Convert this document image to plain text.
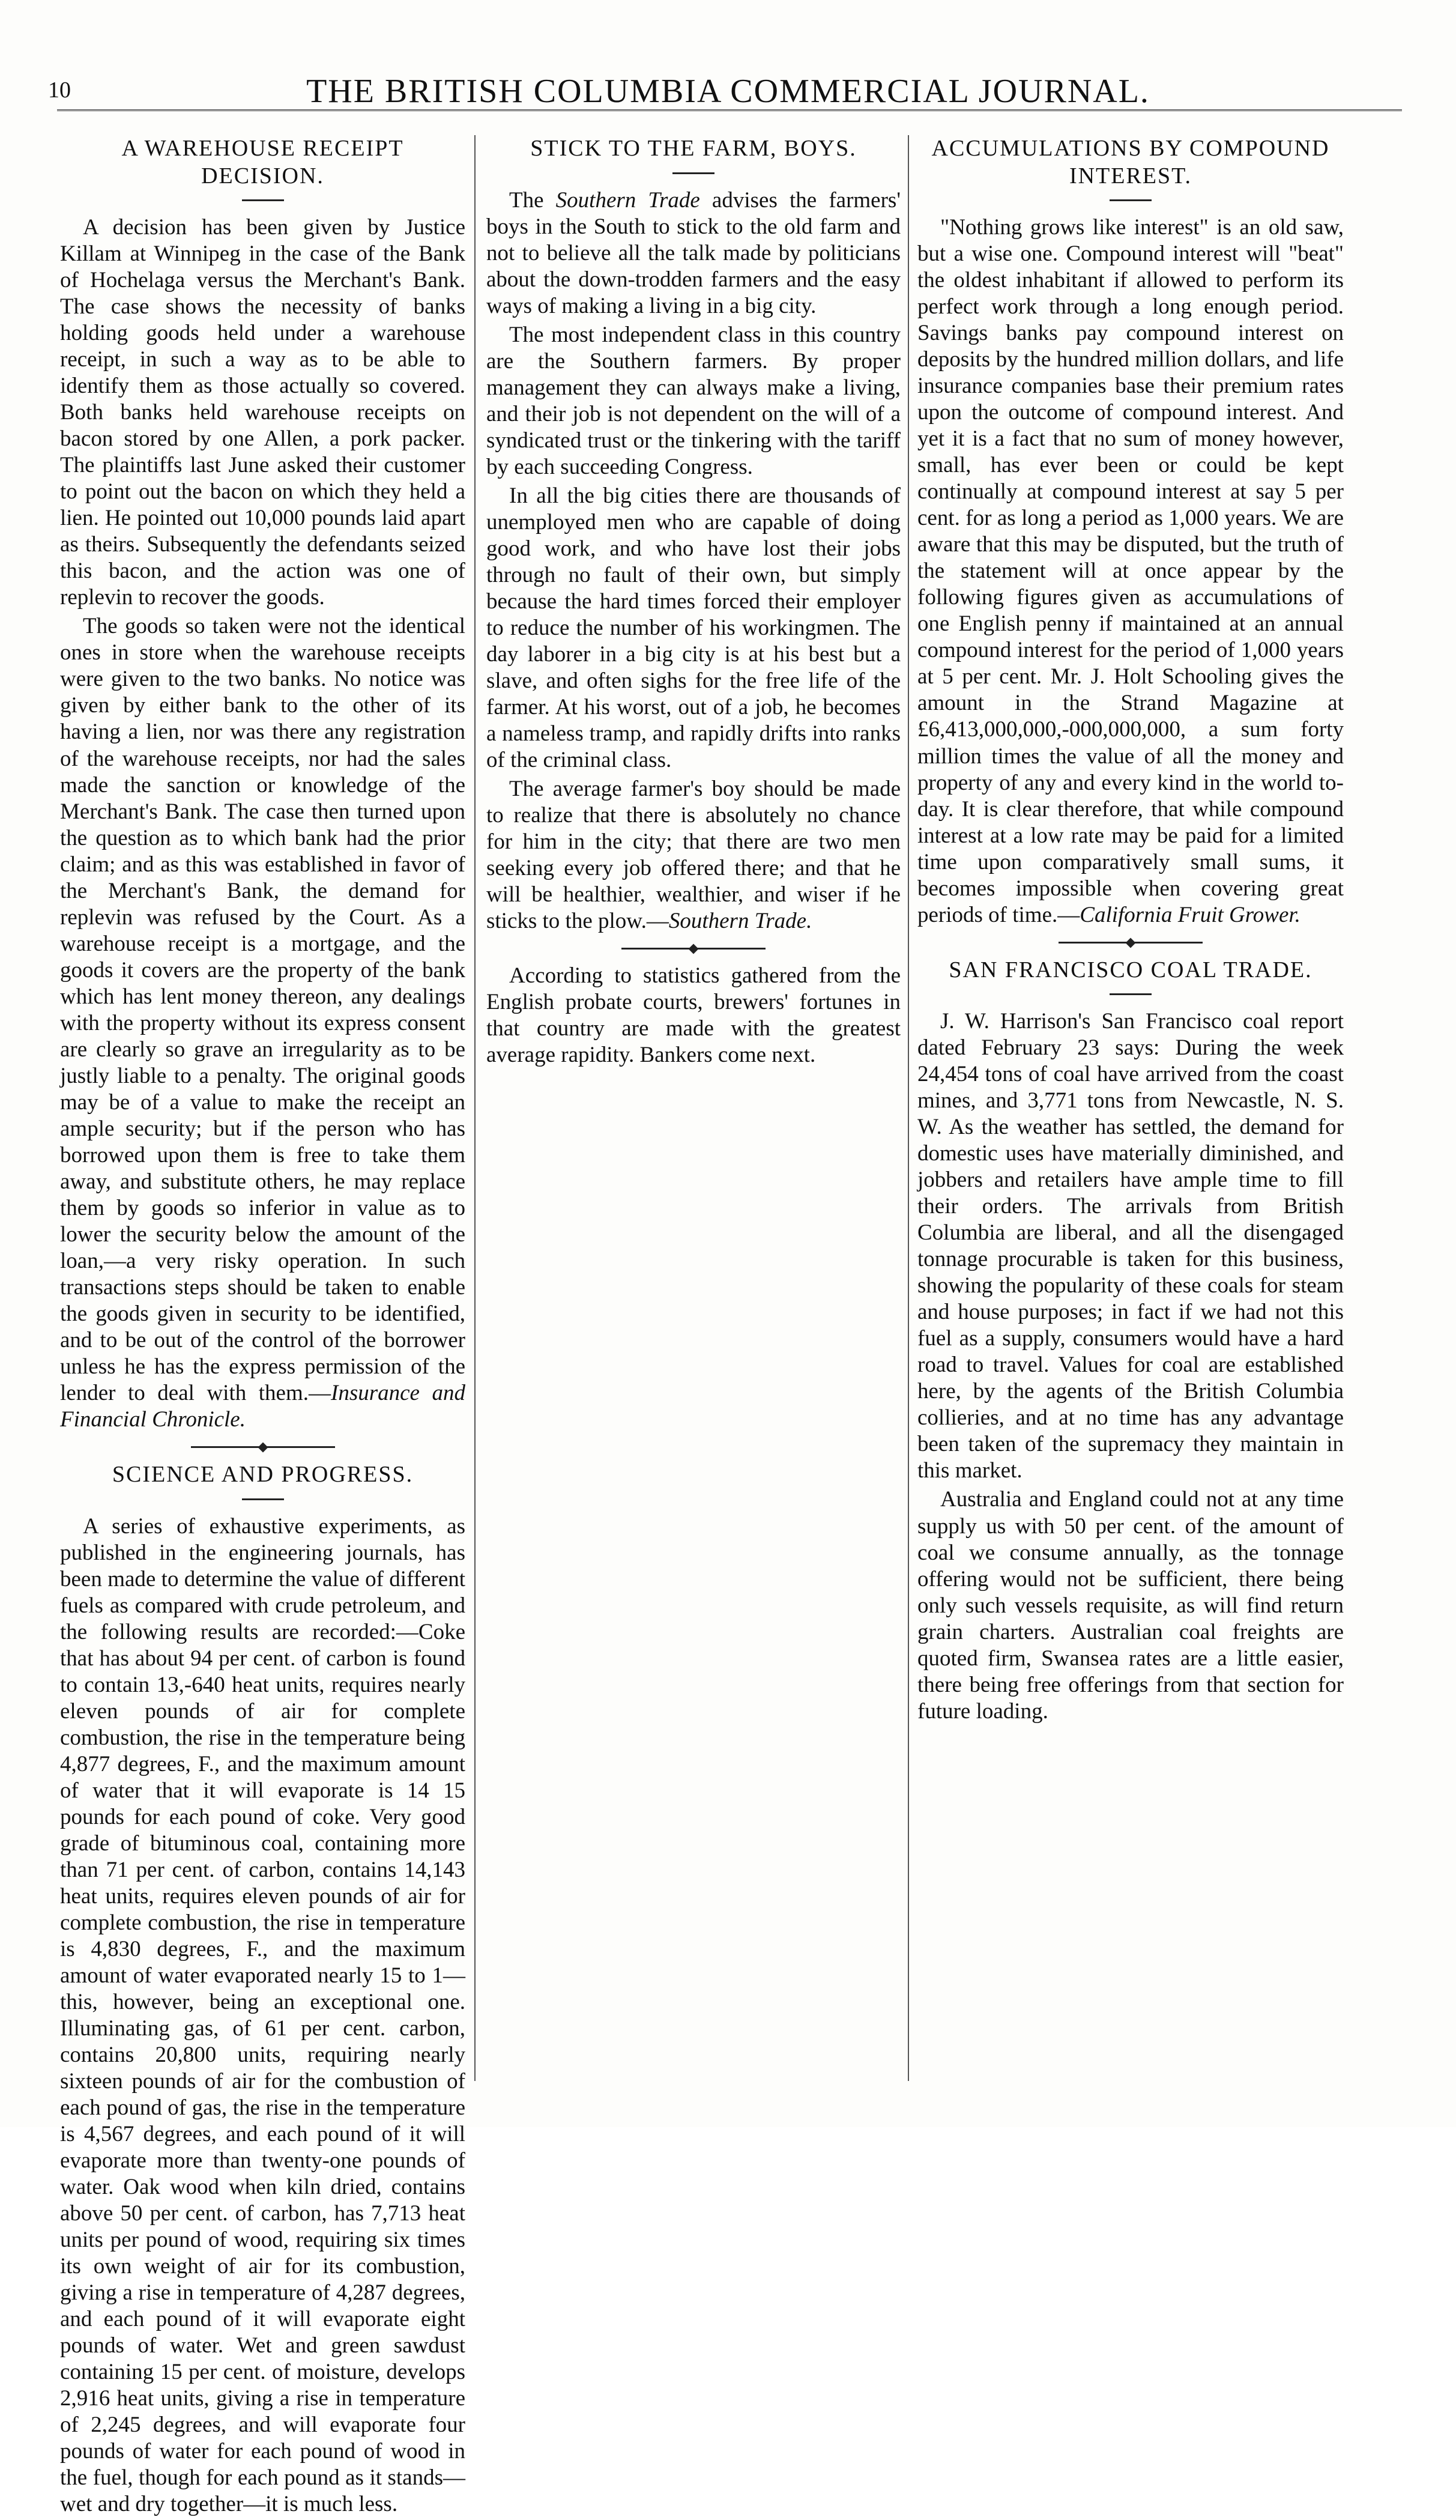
10	THE BRITISH COLUMBIA COMMERCIAL JOURNAL.
A WAREHOUSE RECEIPT DECISION.

A decision has been given by Justice Killam at Winnipeg in the case of the Bank of Hochelaga versus the Merchant's Bank. The case shows the necessity of banks holding goods held under a warehouse receipt, in such a way as to be able to identify them as those actually so covered. Both banks held warehouse receipts on bacon stored by one Allen, a pork packer. The plaintiffs last June asked their customer to point out the bacon on which they held a lien. He pointed out 10,000 pounds laid apart as theirs. Subsequently the defendants seized this bacon, and the action was one of replevin to recover the goods.

The goods so taken were not the identical ones in store when the warehouse receipts were given to the two banks. No notice was given by either bank to the other of its having a lien, nor was there any registration of the warehouse receipts, nor had the sales made the sanction or knowledge of the Merchant's Bank. The case then turned upon the question as to which bank had the prior claim; and as this was established in favor of the Merchant's Bank, the demand for replevin was refused by the Court. As a warehouse receipt is a mortgage, and the goods it covers are the property of the bank which has lent money thereon, any dealings with the property without its express consent are clearly so grave an irregularity as to be justly liable to a penalty. The original goods may be of a value to make the receipt an ample security; but if the person who has borrowed upon them is free to take them away, and substitute others, he may replace them by goods so inferior in value as to lower the security below the amount of the loan,—a very risky operation. In such transactions steps should be taken to enable the goods given in security to be identified, and to be out of the control of the borrower unless he has the express permission of the lender to deal with them.—Insurance and Financial Chronicle.

SCIENCE AND PROGRESS.

A series of exhaustive experiments, as published in the engineering journals, has been made to determine the value of different fuels as compared with crude petroleum, and the following results are recorded:—Coke that has about 94 per cent. of carbon is found to contain 13,-640 heat units, requires nearly eleven pounds of air for complete combustion, the rise in the temperature being 4,877 degrees, F., and the maximum amount of water that it will evaporate is 14 15 pounds for each pound of coke. Very good grade of bituminous coal, containing more than 71 per cent. of carbon, contains 14,143 heat units, requires eleven pounds of air for complete combustion, the rise in temperature is 4,830 degrees, F., and the maximum amount of water evaporated nearly 15 to 1—this, however, being an exceptional one. Illuminating gas, of 61 per cent. carbon, contains 20,800 units, requiring nearly sixteen pounds of air for the combustion of each pound of gas, the rise in the temperature is 4,567 degrees, and each pound of it will evaporate more than twenty-one pounds of water. Oak wood when kiln dried, contains above 50 per cent. of carbon, has 7,713 heat units per pound of wood, requiring six times its own weight of air for its combustion, giving a rise in temperature of 4,287 degrees, and each pound of it will evaporate eight pounds of water. Wet and green sawdust containing 15 per cent. of moisture, develops 2,916 heat units, giving a rise in temperature of 2,245 degrees, and will evaporate four pounds of water for each pound of wood in the fuel, though for each pound as it stands—wet and dry together—it is much less.

STICK TO THE FARM, BOYS.

The Southern Trade advises the farmers' boys in the South to stick to the old farm and not to believe all the talk made by politicians about the down-trodden farmers and the easy ways of making a living in a big city.

The most independent class in this country are the Southern farmers. By proper management they can always make a living, and their job is not dependent on the will of a syndicated trust or the tinkering with the tariff by each succeeding Congress.

In all the big cities there are thousands of unemployed men who are capable of doing good work, and who have lost their jobs through no fault of their own, but simply because the hard times forced their employer to reduce the number of his workingmen. The day laborer in a big city is at his best but a slave, and often sighs for the free life of the farmer. At his worst, out of a job, he becomes a nameless tramp, and rapidly drifts into ranks of the criminal class.

The average farmer's boy should be made to realize that there is absolutely no chance for him in the city; that there are two men seeking every job offered there; and that he will be healthier, wealthier, and wiser if he sticks to the plow.—Southern Trade.

According to statistics gathered from the English probate courts, brewers' fortunes in that country are made with the greatest average rapidity. Bankers come next.

ACCUMULATIONS BY COMPOUND INTEREST.

"Nothing grows like interest" is an old saw, but a wise one. Compound interest will "beat" the oldest inhabitant if allowed to perform its perfect work through a long enough period. Savings banks pay compound interest on deposits by the hundred million dollars, and life insurance companies base their premium rates upon the outcome of compound interest. And yet it is a fact that no sum of money however, small, has ever been or could be kept continually at compound interest at say 5 per cent. for as long a period as 1,000 years. We are aware that this may be disputed, but the truth of the statement will at once appear by the following figures given as accumulations of one English penny if maintained at an annual compound interest for the period of 1,000 years at 5 per cent. Mr. J. Holt Schooling gives the amount in the Strand Magazine at £6,413,000,000,-000,000,000, a sum forty million times the value of all the money and property of any and every kind in the world to-day. It is clear therefore, that while compound interest at a low rate may be paid for a limited time upon comparatively small sums, it becomes impossible when covering great periods of time.—California Fruit Grower.

SAN FRANCISCO COAL TRADE.

J. W. Harrison's San Francisco coal report dated February 23 says: During the week 24,454 tons of coal have arrived from the coast mines, and 3,771 tons from Newcastle, N. S. W. As the weather has settled, the demand for domestic uses have materially diminished, and jobbers and retailers have ample time to fill their orders. The arrivals from British Columbia are liberal, and all the disengaged tonnage procurable is taken for this business, showing the popularity of these coals for steam and house purposes; in fact if we had not this fuel as a supply, consumers would have a hard road to travel. Values for coal are established here, by the agents of the British Columbia collieries, and at no time has any advantage been taken of the supremacy they maintain in this market.

Australia and England could not at any time supply us with 50 per cent. of the amount of coal we consume annually, as the tonnage offering would not be sufficient, there being only such vessels requisite, as will find return grain charters. Australian coal freights are quoted firm, Swansea rates are a little easier, there being free offerings from that section for future loading.
